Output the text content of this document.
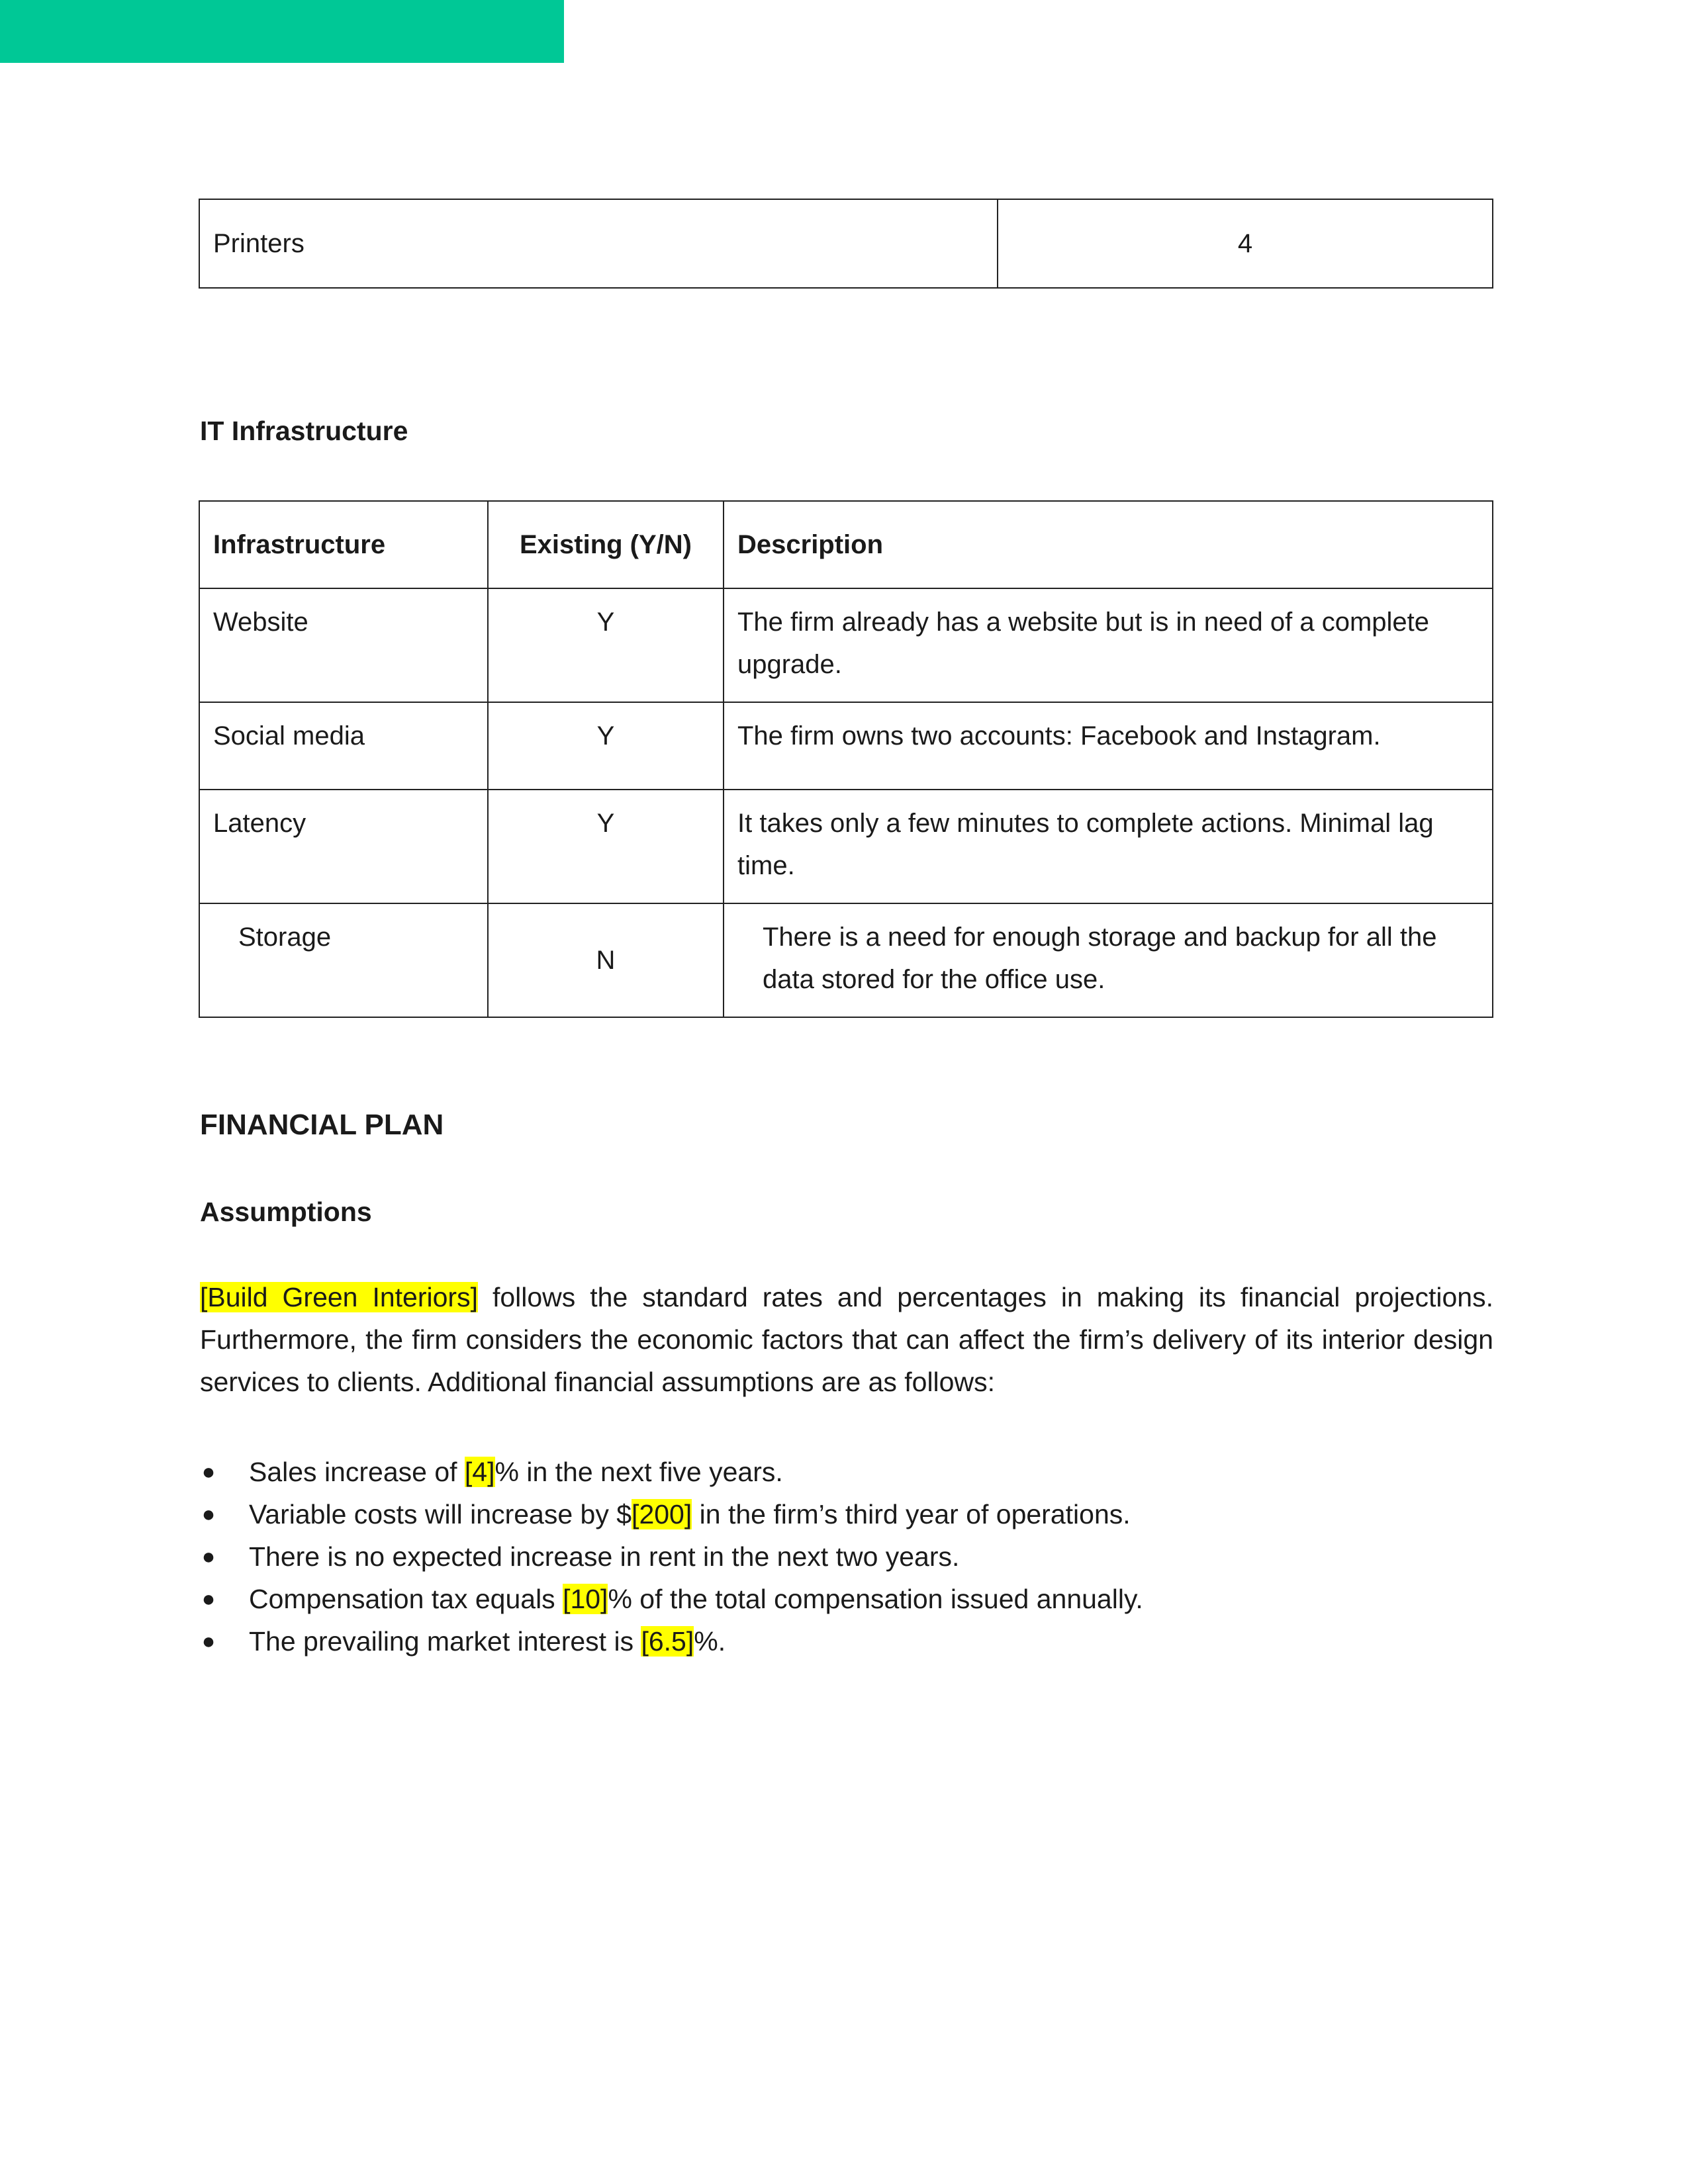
Printers	4
IT Infrastructure
Infrastructure	Existing (Y/N)	Description
Website	Y	The firm already has a website but is in need of a complete upgrade.
Social media	Y	The firm owns two accounts: Facebook and Instagram.
Latency	Y	It takes only a few minutes to complete actions. Minimal lag time.
Storage	N	There is a need for enough storage and backup for all the data stored for the office use.
FINANCIAL PLAN
Assumptions

[Build Green Interiors] follows the standard rates and percentages in making its financial projections. Furthermore, the firm considers the economic factors that can affect the firm’s delivery of its interior design services to clients. Additional financial assumptions are as follows:

● Sales increase of [4]% in the next five years.
● Variable costs will increase by $[200] in the firm’s third year of operations.
● There is no expected increase in rent in the next two years.
● Compensation tax equals [10]% of the total compensation issued annually.
● The prevailing market interest is [6.5]%.
